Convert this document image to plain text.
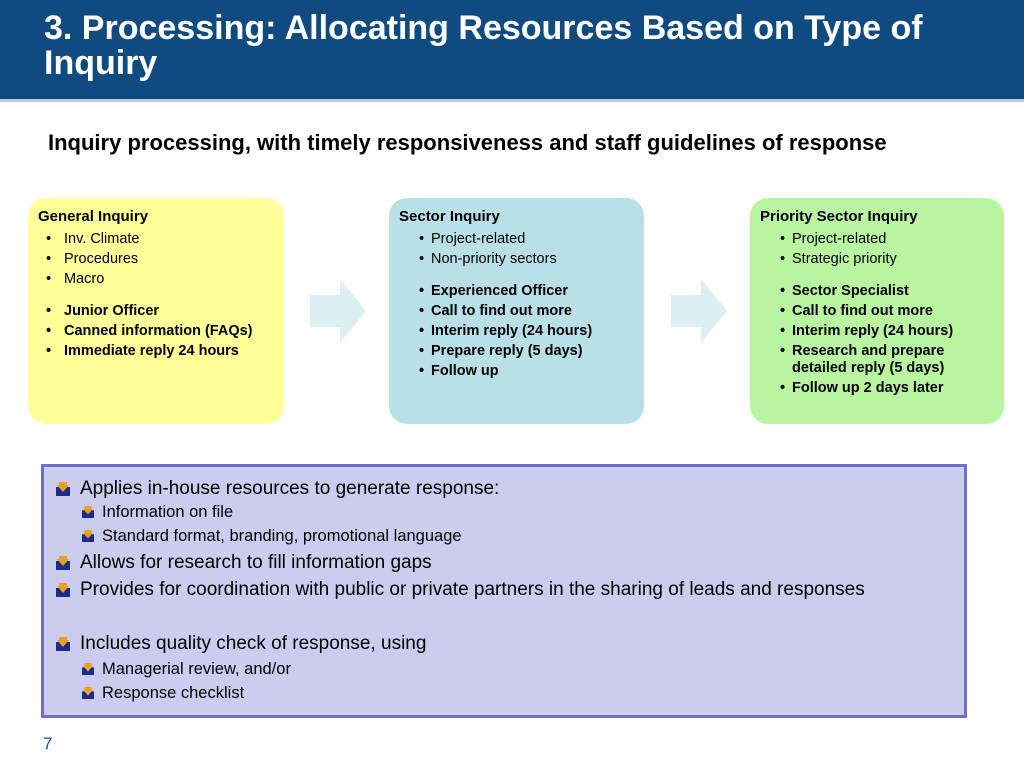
3. Processing: Allocating Resources Based on Type of Inquiry
Inquiry processing, with timely responsiveness and staff guidelines of response
General Inquiry
• Inv. Climate
• Procedures
• Macro
• Junior Officer
• Canned information (FAQs)
• Immediate reply 24 hours
Sector Inquiry
• Project-related
• Non-priority sectors
• Experienced Officer
• Call to find out more
• Interim reply (24 hours)
• Prepare reply (5 days)
• Follow up
Priority Sector Inquiry
• Project-related
• Strategic priority
• Sector Specialist
• Call to find out more
• Interim reply (24 hours)
• Research and prepare detailed reply (5 days)
• Follow up 2 days later
Applies in-house resources to generate response:
Information on file
Standard format, branding, promotional language
Allows for research to fill information gaps
Provides for coordination with public or private partners in the sharing of leads and responses
Includes quality check of response, using
Managerial review, and/or
Response checklist
7
